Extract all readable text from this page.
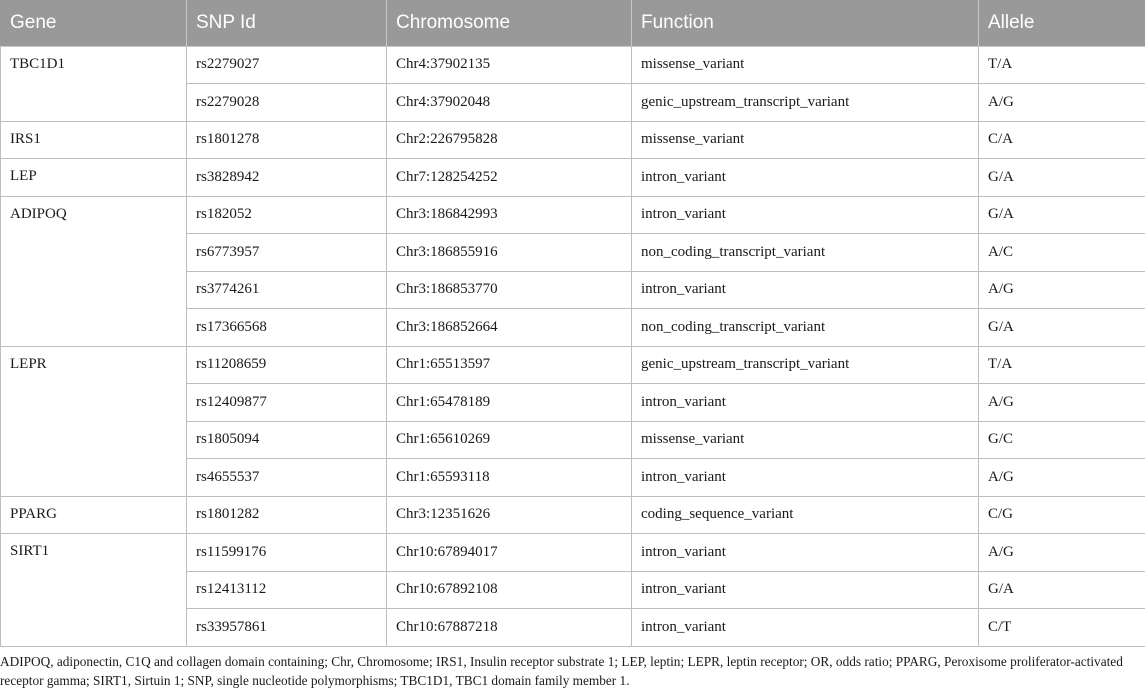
Gene	SNP Id	Chromosome	Function	Allele
TBC1D1	rs2279027	Chr4:37902135	missense_variant	T/A
	rs2279028	Chr4:37902048	genic_upstream_transcript_variant	A/G
IRS1	rs1801278	Chr2:226795828	missense_variant	C/A
LEP	rs3828942	Chr7:128254252	intron_variant	G/A
ADIPOQ	rs182052	Chr3:186842993	intron_variant	G/A
	rs6773957	Chr3:186855916	non_coding_transcript_variant	A/C
	rs3774261	Chr3:186853770	intron_variant	A/G
	rs17366568	Chr3:186852664	non_coding_transcript_variant	G/A
LEPR	rs11208659	Chr1:65513597	genic_upstream_transcript_variant	T/A
	rs12409877	Chr1:65478189	intron_variant	A/G
	rs1805094	Chr1:65610269	missense_variant	G/C
	rs4655537	Chr1:65593118	intron_variant	A/G
PPARG	rs1801282	Chr3:12351626	coding_sequence_variant	C/G
SIRT1	rs11599176	Chr10:67894017	intron_variant	A/G
	rs12413112	Chr10:67892108	intron_variant	G/A
	rs33957861	Chr10:67887218	intron_variant	C/T
ADIPOQ, adiponectin, C1Q and collagen domain containing; Chr, Chromosome; IRS1, Insulin receptor substrate 1; LEP, leptin; LEPR, leptin receptor; OR, odds ratio; PPARG, Peroxisome proliferator-activated receptor gamma; SIRT1, Sirtuin 1; SNP, single nucleotide polymorphisms; TBC1D1, TBC1 domain family member 1.
